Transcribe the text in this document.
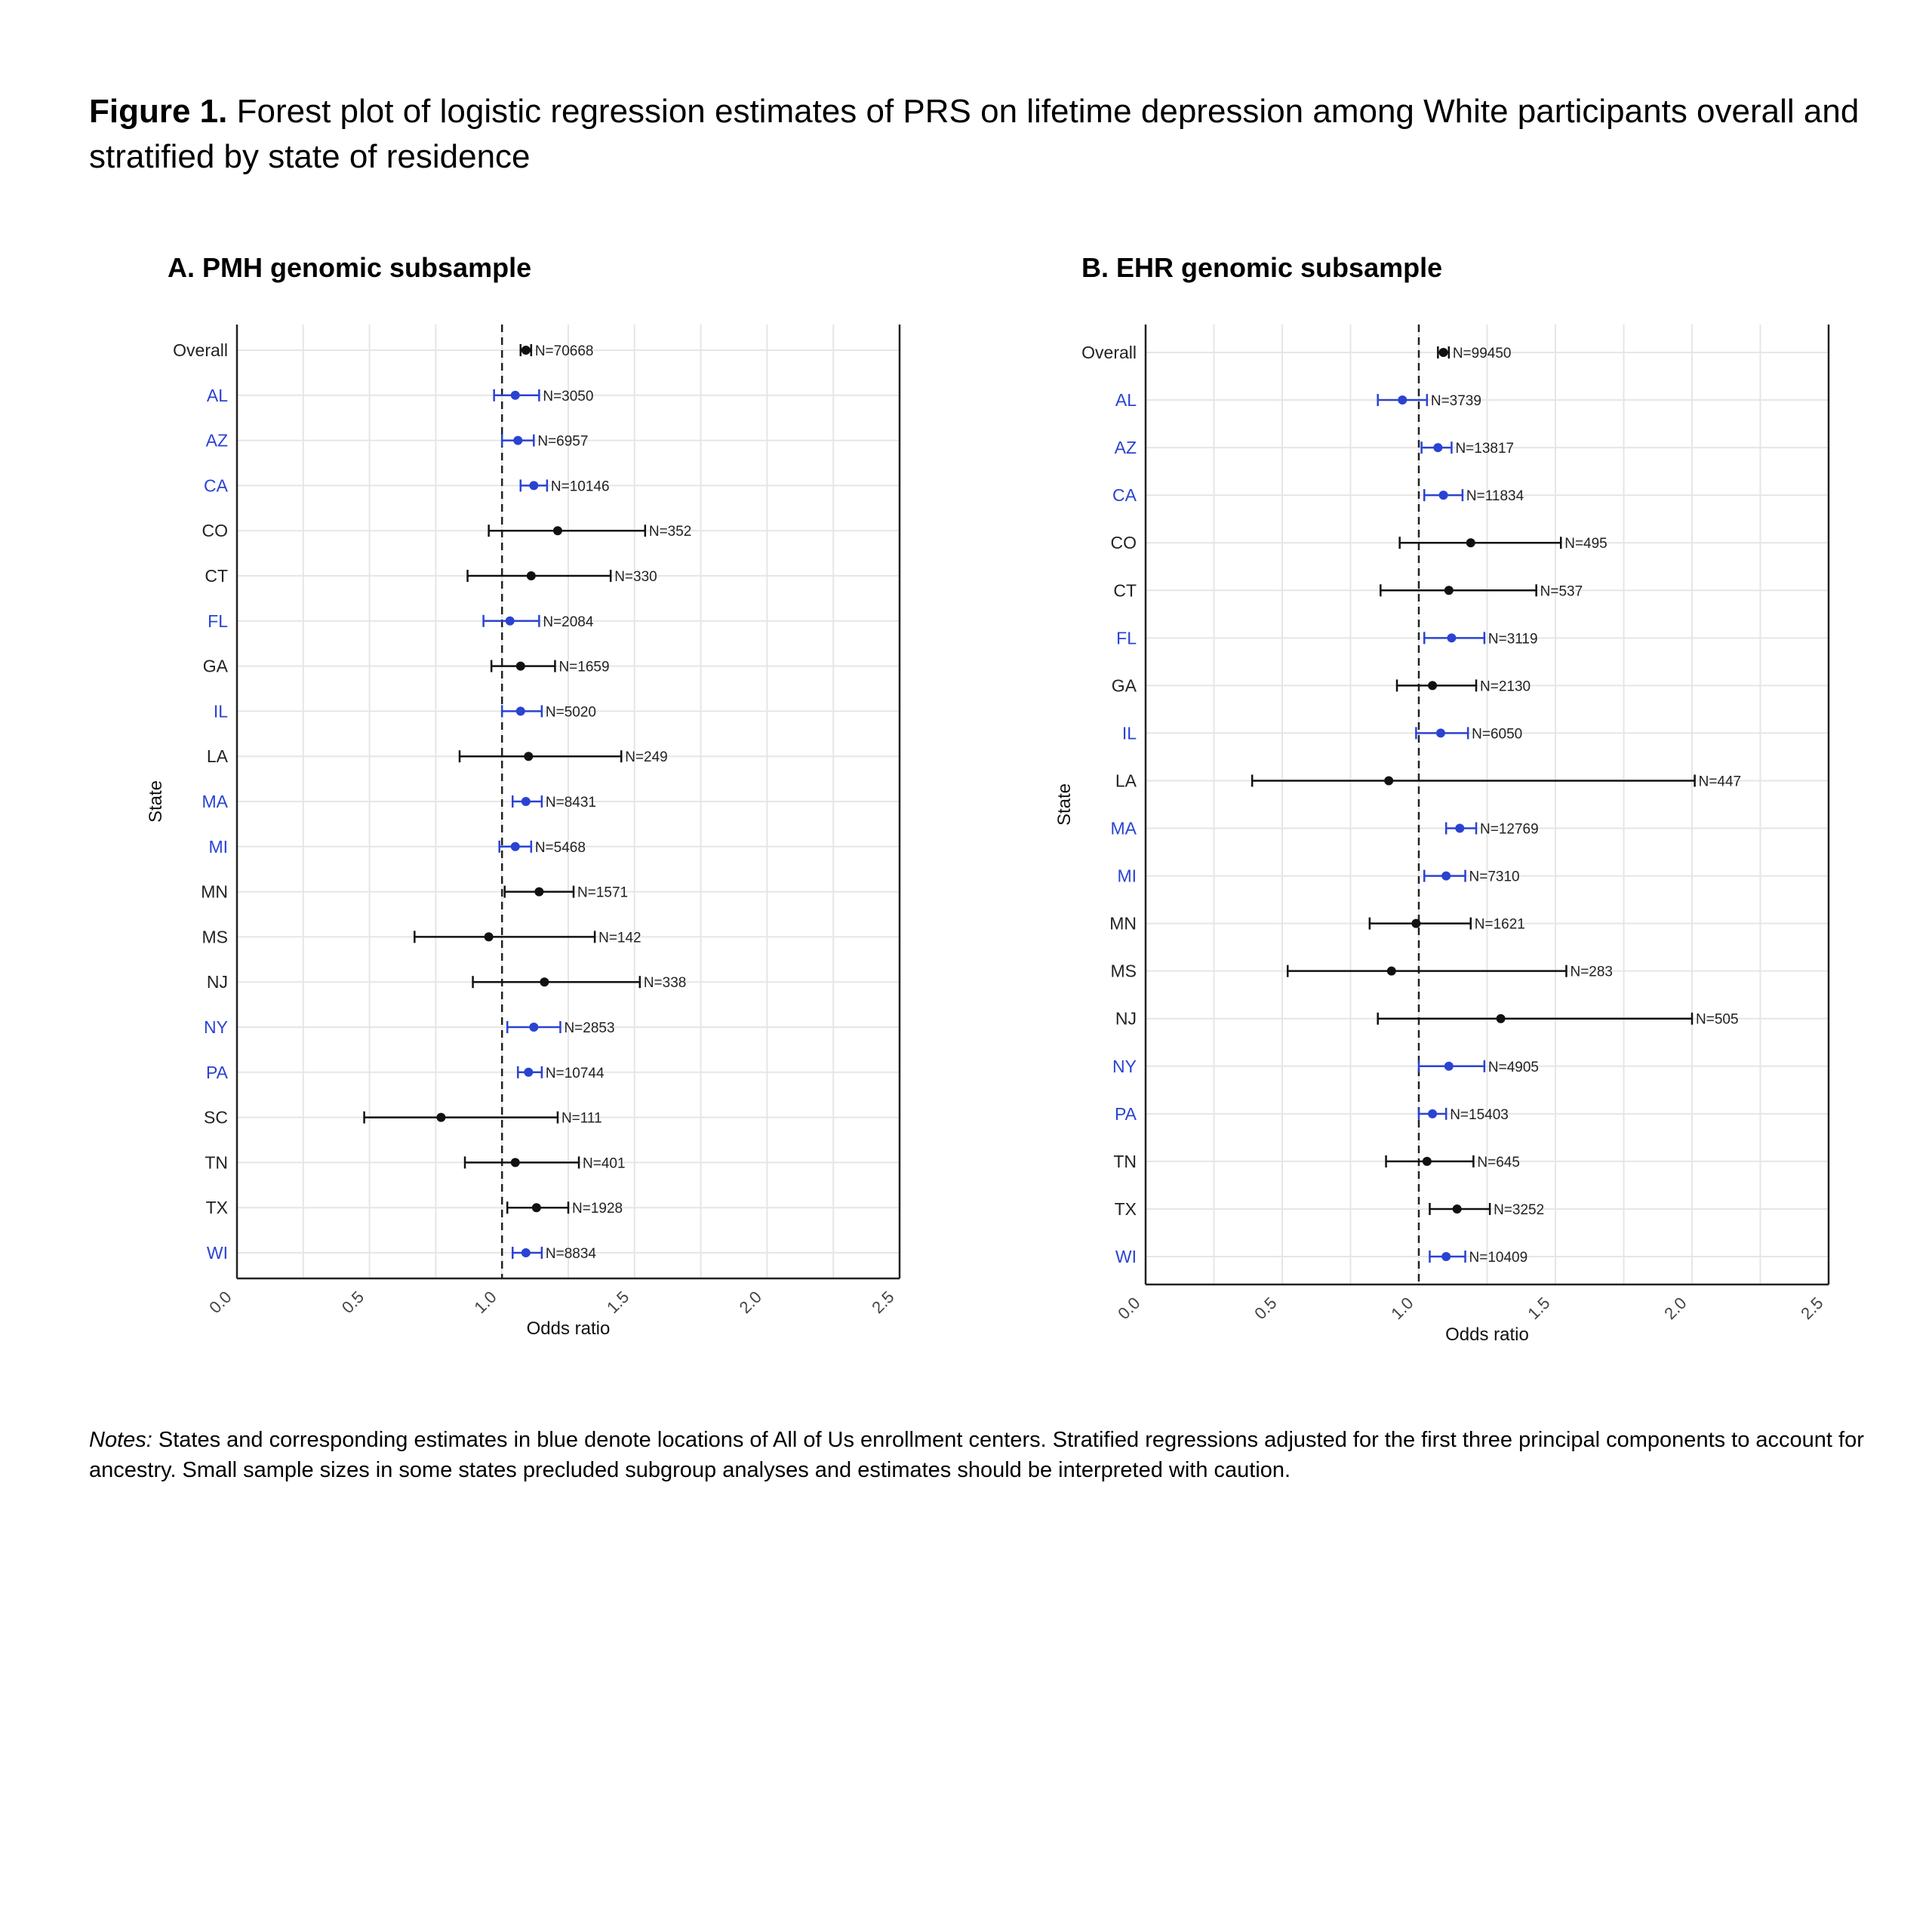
Figure 1. Forest plot of logistic regression estimates of PRS on lifetime depression among White participants overall and stratified by state of residence
A. PMH genomic subsample	B. EHR genomic subsample
0.0	0.5	1.0	1.5	2.0	2.5
Odds ratio
State
Overall	N=70668
AL	N=3050
AZ	N=6957
CA	N=10146
CO	N=352
CT	N=330
FL	N=2084
GA	N=1659
IL	N=5020
LA	N=249
MA	N=8431
MI	N=5468
MN	N=1571
MS	N=142
NJ	N=338
NY	N=2853
PA	N=10744
SC	N=111
TN	N=401
TX	N=1928
WI	N=8834
0.0	0.5	1.0	1.5	2.0	2.5
Odds ratio
State
Overall	N=99450
AL	N=3739
AZ	N=13817
CA	N=11834
CO	N=495
CT	N=537
FL	N=3119
GA	N=2130
IL	N=6050
LA	N=447
MA	N=12769
MI	N=7310
MN	N=1621
MS	N=283
NJ	N=505
NY	N=4905
PA	N=15403
TN	N=645
TX	N=3252
WI	N=10409
Notes: States and corresponding estimates in blue denote locations of All of Us enrollment centers. Stratified regressions adjusted for the first three principal components to account for ancestry. Small sample sizes in some states precluded subgroup analyses and estimates should be interpreted with caution.
